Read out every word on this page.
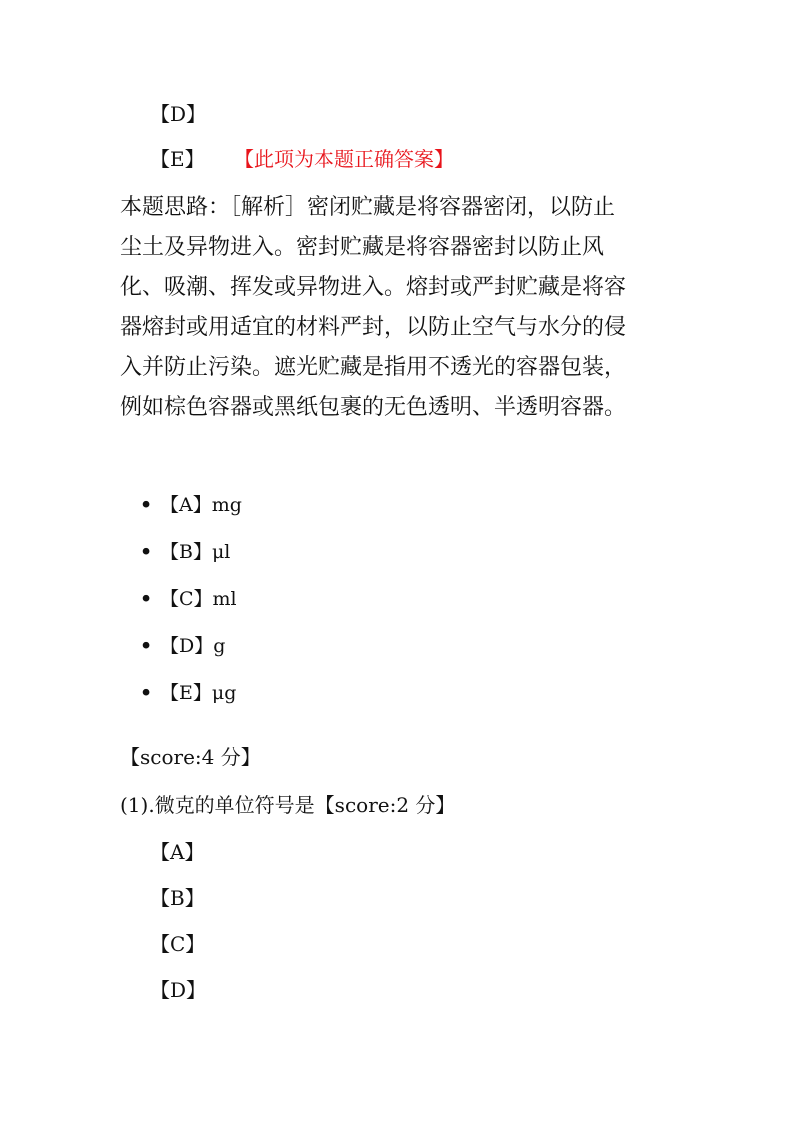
【D】
【E】 【此项为本题正确答案】

本题思路：［解析］密闭贮藏是将容器密闭，以防止

尘土及异物进入。密封贮藏是将容器密封以防止风

化、吸潮、挥发或异物进入。熔封或严封贮藏是将容

器熔封或用适宜的材料严封，以防止空气与水分的侵

入并防止污染。遮光贮藏是指用不透光的容器包装，

例如棕色容器或黑纸包裹的无色透明、半透明容器。

• 【A】mg
• 【B】μl
• 【C】ml
• 【D】g
• 【E】μg
【score:4 分】
(1).微克的单位符号是【score:2 分】
【A】
【B】
【C】
【D】
